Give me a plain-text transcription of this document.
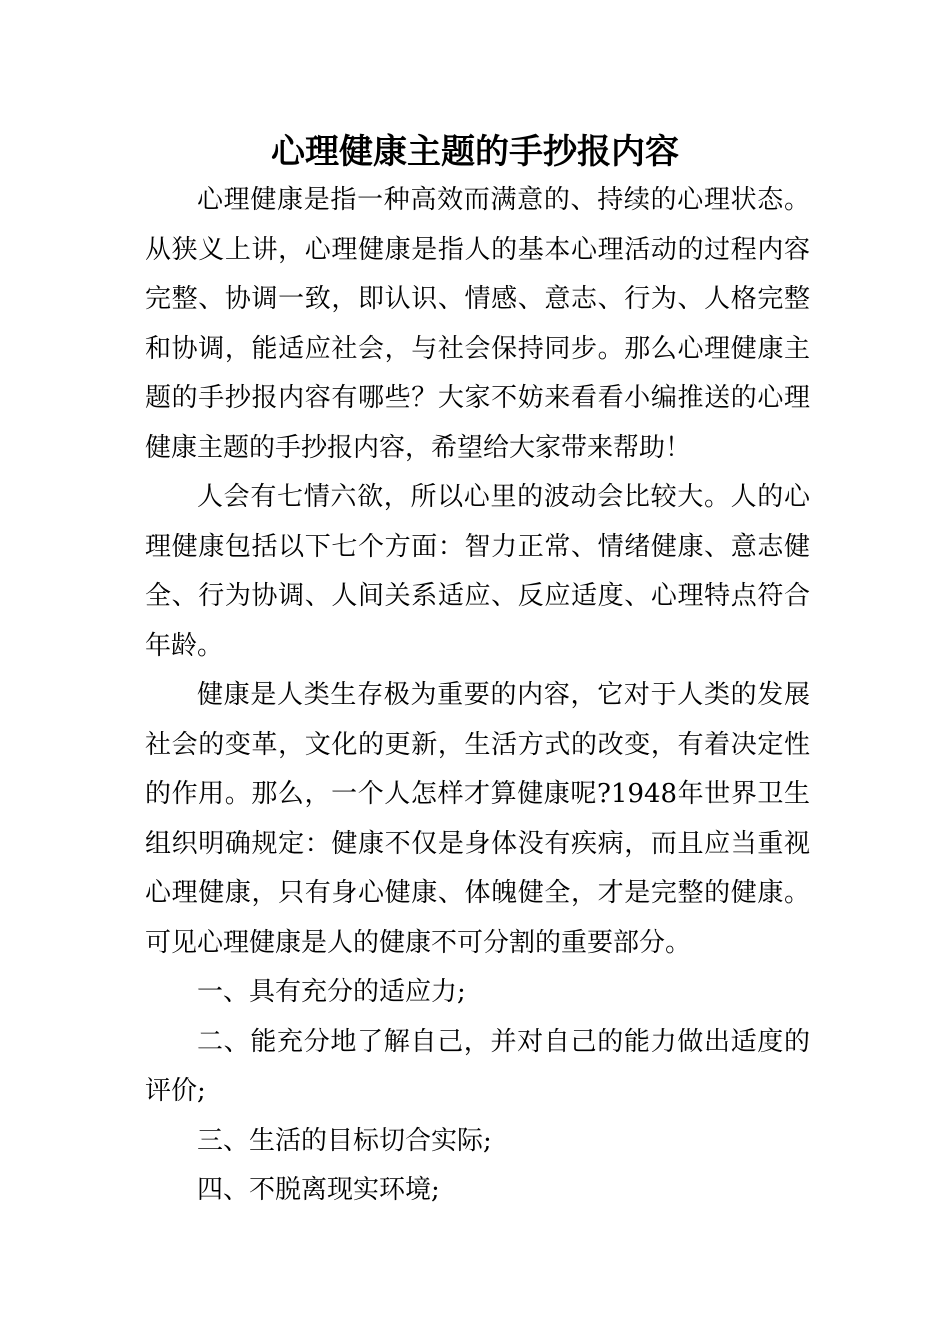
心理健康主题的手抄报内容

心理健康是指一种高效而满意的、持续的心理状态。从狭义上讲，心理健康是指人的基本心理活动的过程内容完整、协调一致，即认识、情感、意志、行为、人格完整和协调，能适应社会，与社会保持同步。那么心理健康主题的手抄报内容有哪些？大家不妨来看看小编推送的心理健康主题的手抄报内容，希望给大家带来帮助！

人会有七情六欲，所以心里的波动会比较大。人的心理健康包括以下七个方面：智力正常、情绪健康、意志健全、行为协调、人间关系适应、反应适度、心理特点符合年龄。

健康是人类生存极为重要的内容，它对于人类的发展社会的变革，文化的更新，生活方式的改变，有着决定性的作用。那么，一个人怎样才算健康呢?1948年世界卫生组织明确规定：健康不仅是身体没有疾病，而且应当重视心理健康，只有身心健康、体魄健全，才是完整的健康。可见心理健康是人的健康不可分割的重要部分。

一、具有充分的适应力;

二、能充分地了解自己，并对自己的能力做出适度的评价;

三、生活的目标切合实际;

四、不脱离现实环境;
